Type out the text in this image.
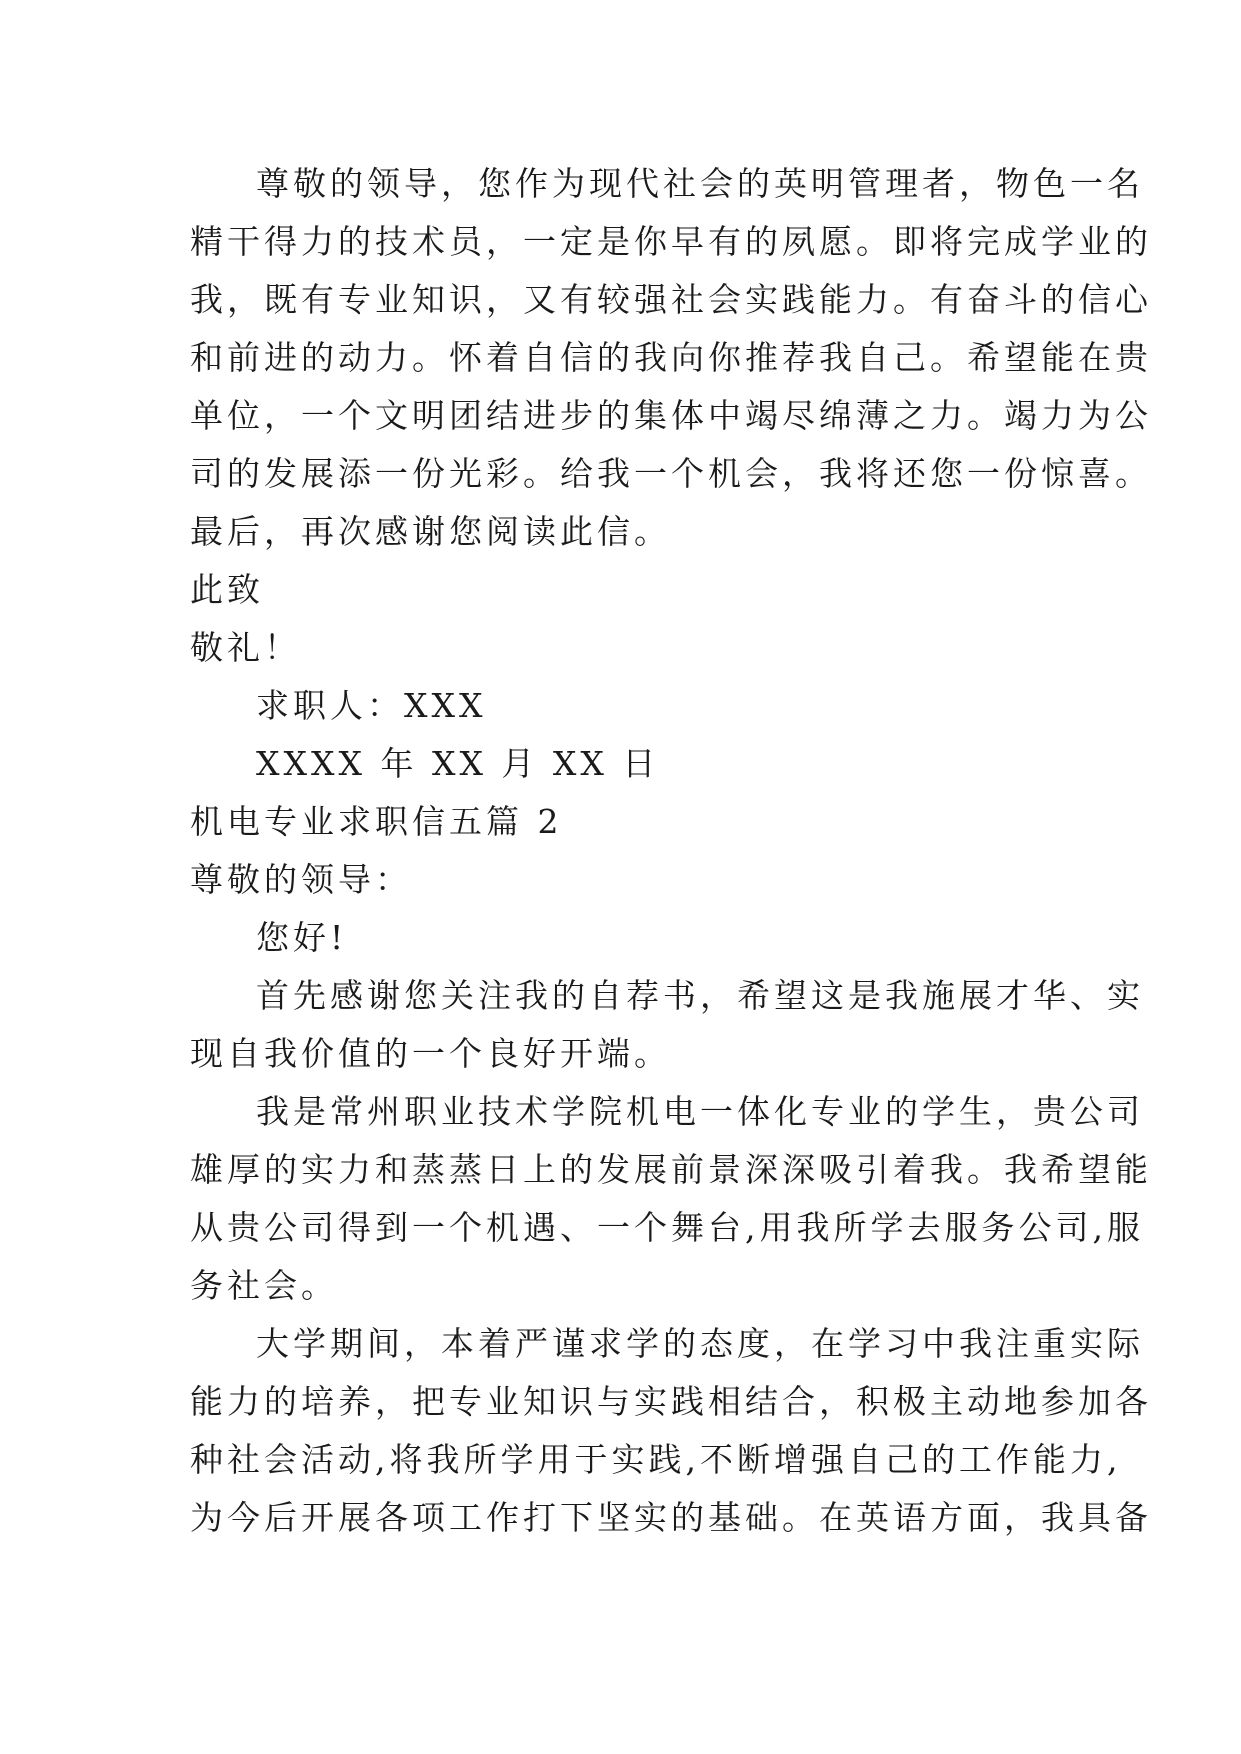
尊敬的领导，您作为现代社会的英明管理者，物色一名
精干得力的技术员，一定是你早有的夙愿。即将完成学业的
我，既有专业知识，又有较强社会实践能力。有奋斗的信心
和前进的动力。怀着自信的我向你推荐我自己。希望能在贵
单位，一个文明团结进步的集体中竭尽绵薄之力。竭力为公
司的发展添一份光彩。给我一个机会，我将还您一份惊喜。
最后，再次感谢您阅读此信。
此致
敬礼！
求职人：XXX
XXXX 年 XX 月 XX 日
机电专业求职信五篇 2
尊敬的领导：
您好!
首先感谢您关注我的自荐书，希望这是我施展才华、实
现自我价值的一个良好开端。
我是常州职业技术学院机电一体化专业的学生，贵公司
雄厚的实力和蒸蒸日上的发展前景深深吸引着我。我希望能
从贵公司得到一个机遇、一个舞台,用我所学去服务公司,服
务社会。
大学期间，本着严谨求学的态度，在学习中我注重实际
能力的培养，把专业知识与实践相结合，积极主动地参加各
种社会活动,将我所学用于实践,不断增强自己的工作能力,
为今后开展各项工作打下坚实的基础。在英语方面，我具备
